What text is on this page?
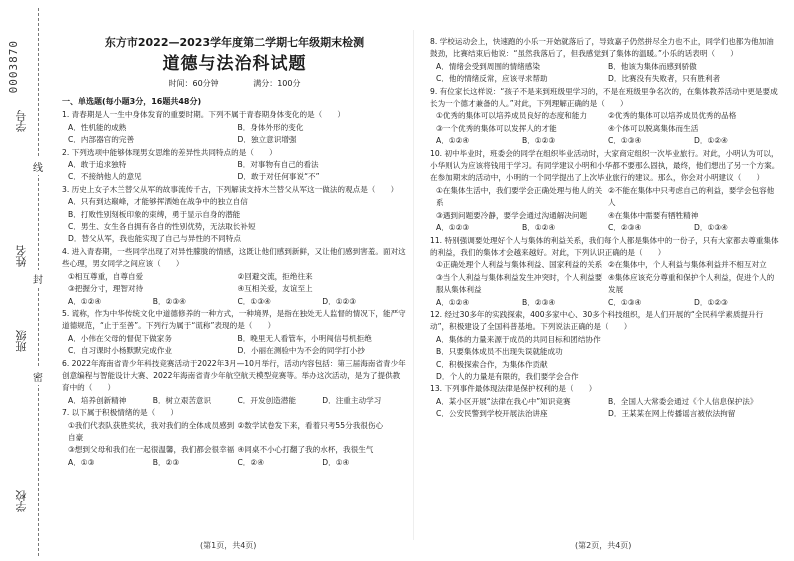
0003870
学号
姓名
班级
学校
线
封
密
东方市2022—2023学年度第二学期七年级期末检测
道德与法治科试题
时间：60分钟	满分：100分
一、单选题(每小题3分，16题共48分)
1. 青春期是人一生中身体发育的重要时期。下列不属于青春期身体变化的是（　　）
A．性机能的成熟	B．身体外形的变化
C．内部器官的完善	D．独立意识增强
2. 下列选项中能够体现男女思维的差异性共同特点的是（　　）
A．敢于追求独特	B．对事物有自己的看法
C．不接纳他人的意见	D．敢于对任何事说“不”
3. 历史上女子木兰替父从军的故事流传千古，下列解读支持木兰替父从军这一做法的观点是（　　）
A．只有到达巅峰，才能够挥洒她在战争中的独立自信
B．打败性别刻板印象的束缚，勇于显示自身的潜能
C．男生、女生各自拥有各自的性别优势，无法取长补短
D．替父从军，我也能实现了自己与异性的不同特点
4. 进入青春期，一些同学出现了对异性朦胧的情感，这既让他们感到新鲜，又让他们感到害羞。面对这些心理，男女同学之间应该（　　）
①相互尊重，自尊自爱	②回避交流，拒绝往来
③把握分寸，理智对待	④互相关爱，友谊至上
A．①②④	B．②③④	C．①③④	D．①②③
5. 谎称，作为中华传统文化中道德修养的一种方式，一种境界，是指在独处无人监督的情况下，能严守道德规范，“止于至善”。下列行为属于“谎称”表现的是（　　）
A．小伟在父母的督促下做家务	B．晚里无人看管车，小明闯信号机拒绝
C．自习课时小杨默默完成作业	D．小丽在测验中为不会的同学打小抄
6. 2022年海南省青少年科技竞赛活动于2022年3月—10月举行，活动内容包括：第三届海南省青少年创意编程与智能设计大赛、2022年海南省青少年航空航天模型竞赛等。举办这次活动，是为了提供教育中的（　　）
A．培养创新精神	B．树立艰苦意识	C．开发创造潜能	D．注重主动学习
7. 以下属于积极情绪的是（　　）
①我们代表队获胜奖状，我对我们的全体成员感到自豪
②数学试卷发下来，看着只考55分我很伤心
③想到父母和我们在一起很温馨，我们都会很幸福 ④同桌不小心打翻了我的水杯，我很生气
A．①③	B．②③	C．②④	D．①④
8. 学校运动会上，快速跑的小乐一开始就落后了，导致嘉子仍然拼尽全力也不止，同学们也都为他加油鼓劲，比赛结束后他说：“虽然我落后了，但我感觉到了集体的温暖。”小乐的话表明（　　）
A．情绪会受到周围的情绪感染	B．他该为集体而感到骄傲
C．他的情绪反常，应该寻求帮助	D．比赛没有失败者，只有胜利者
9. 有位家长这样说：“孩子不是来到班级里学习的，不是在班级里争名次的，在集体教养活动中更是要成长为一个德才兼备的人。”对此，下列理解正确的是（　　）
①优秀的集体可以培养成员良好的态度和能力	②优秀的集体可以培养成员优秀的品格
③一个优秀的集体可以发挥人的才能	④个体可以脱离集体而生活
A．①②④	B．①②③	C．①③④	D．①②④
10. 初中毕业时，班委会的同学在组织毕业活动时，大家商定组织一次毕业旅行。对此，小明认为可以，小华则认为应该将钱用于学习。有同学建议小明和小华都不要那么固执，最终，他们想出了另一个方案。在参加期末的活动中，小明的一个同学提出了上次毕业旅行的建议。那么，你会对小明建议（　　）
①在集体生活中，我们要学会正确处理与他人的关系
②不能在集体中只考虑自己的利益，要学会包容他人
③遇到问题要冷静，要学会通过沟通解决问题	④在集体中需要有牺牲精神
A．①②③	B．①②④	C．②③④	D．①③④
11. 特别强调要处理好个人与集体的利益关系，我们每个人都是集体中的一份子，只有大家都去尊重集体的利益，我们的集体才会越来越好。对此，下列认识正确的是（　　）
①正确处理个人利益与集体利益、国家利益的关系 ②在集体中，个人利益与集体利益并不相互对立
③当个人利益与集体利益发生冲突时，个人利益要服从集体利益
④集体应该充分尊重和保护个人利益，促进个人的发展
A．①②④	B．②③④	C．①③④	D．①②③
12. 经过30多年的实践探索，400多家中心、30多个科技组织，是人们开展的“全民科学素质提升行动”，积极建设了全国科普基地。下列说法正确的是（　　）
A．集体的力量来源于成员的共同目标和团结协作
B．只要集体成员不出现失误就能成功
C．积极探索合作，为集体作贡献
D．个人的力量是有限的，我们要学会合作
13. 下列事件最体现法律是保护权利的是（　　）
A．某小区开展“法律在我心中”知识竞赛	B．全国人大常委会通过《个人信息保护法》
C．公安民警到学校开展法治讲座	D．王某某在网上传播谣言被依法拘留
(第1页，共4页)	(第2页，共4页)
